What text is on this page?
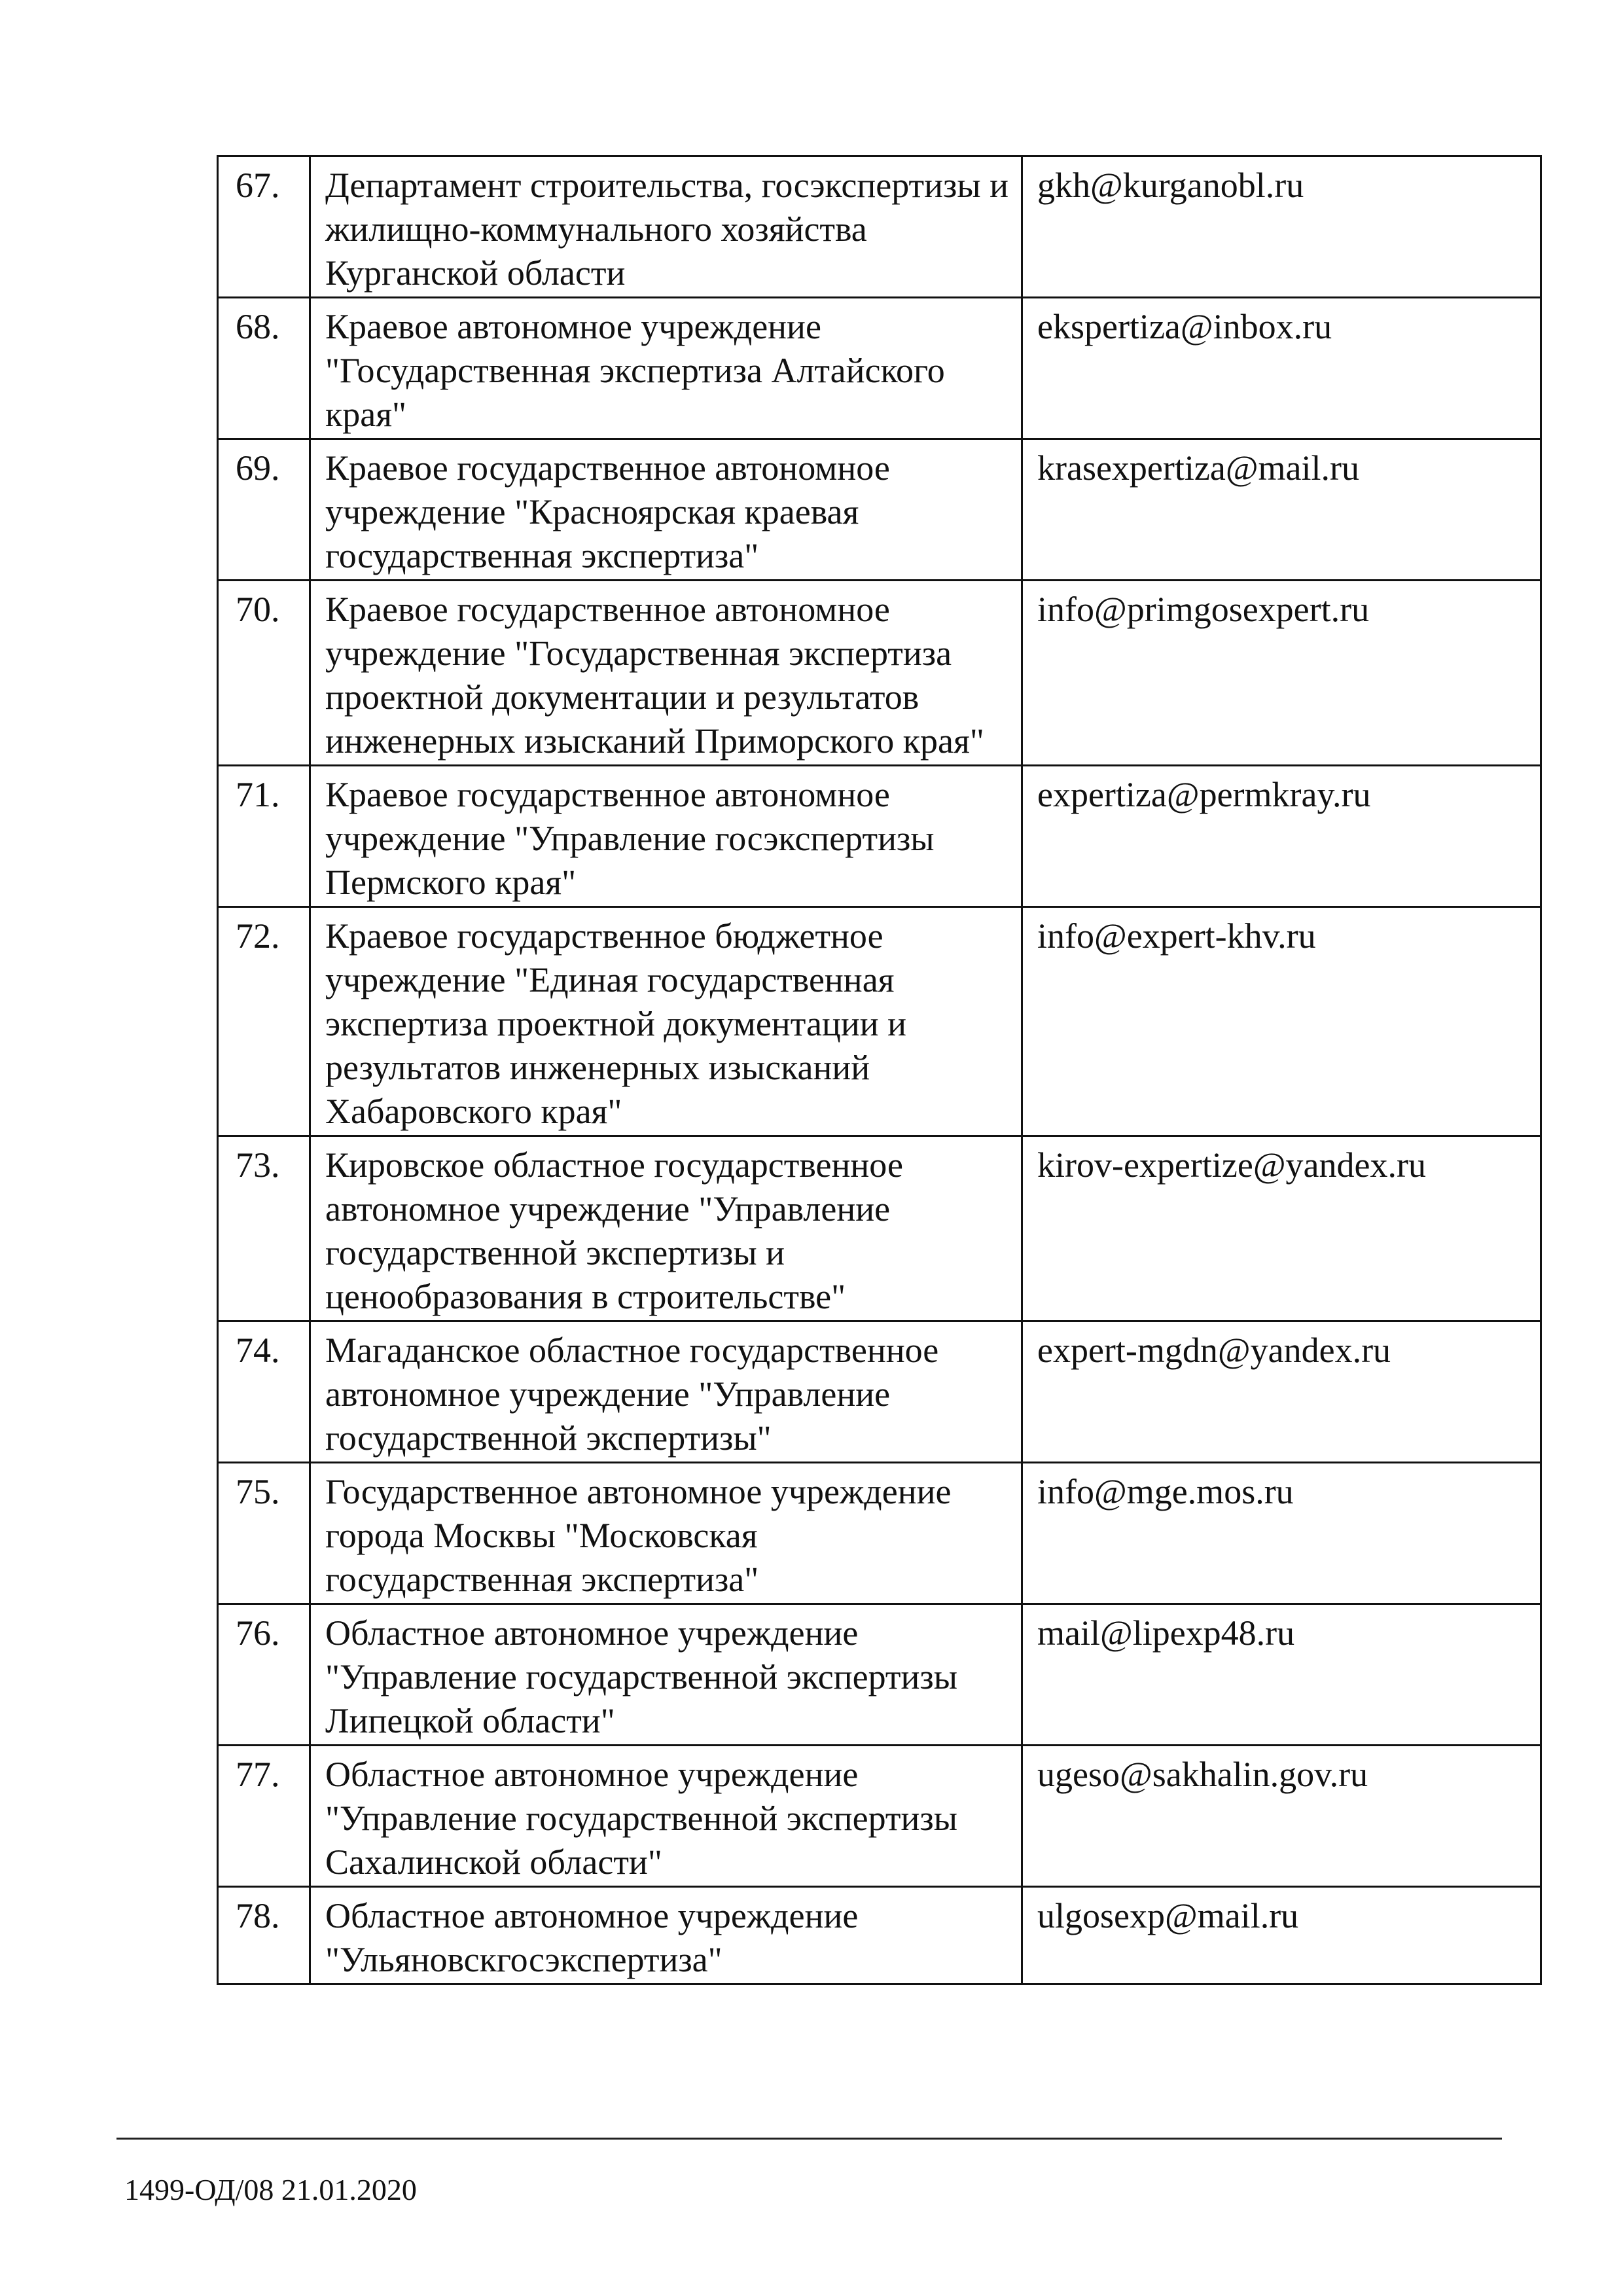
67.	Департамент строительства, госэкспертизы и жилищно-коммунального хозяйства Курганской области	gkh@kurganobl.ru
68.	Краевое автономное учреждение "Государственная экспертиза Алтайского края"	ekspertiza@inbox.ru
69.	Краевое государственное автономное учреждение "Красноярская краевая государственная экспертиза"	krasexpertiza@mail.ru
70.	Краевое государственное автономное учреждение "Государственная экспертиза проектной документации и результатов инженерных изысканий Приморского края"	info@primgosexpert.ru
71.	Краевое государственное автономное учреждение "Управление госэкспертизы Пермского края"	expertiza@permkray.ru
72.	Краевое государственное бюджетное учреждение "Единая государственная экспертиза проектной документации и результатов инженерных изысканий Хабаровского края"	info@expert-khv.ru
73.	Кировское областное государственное автономное учреждение "Управление государственной экспертизы и ценообразования в строительстве"	kirov-expertize@yandex.ru
74.	Магаданское областное государственное автономное учреждение "Управление государственной экспертизы"	expert-mgdn@yandex.ru
75.	Государственное автономное учреждение города Москвы "Московская государственная экспертиза"	info@mge.mos.ru
76.	Областное автономное учреждение "Управление государственной экспертизы Липецкой области"	mail@lipexp48.ru
77.	Областное автономное учреждение "Управление государственной экспертизы Сахалинской области"	ugeso@sakhalin.gov.ru
78.	Областное автономное учреждение "Ульяновскгосэкспертиза"	ulgosexp@mail.ru
1499-ОД/08 21.01.2020
